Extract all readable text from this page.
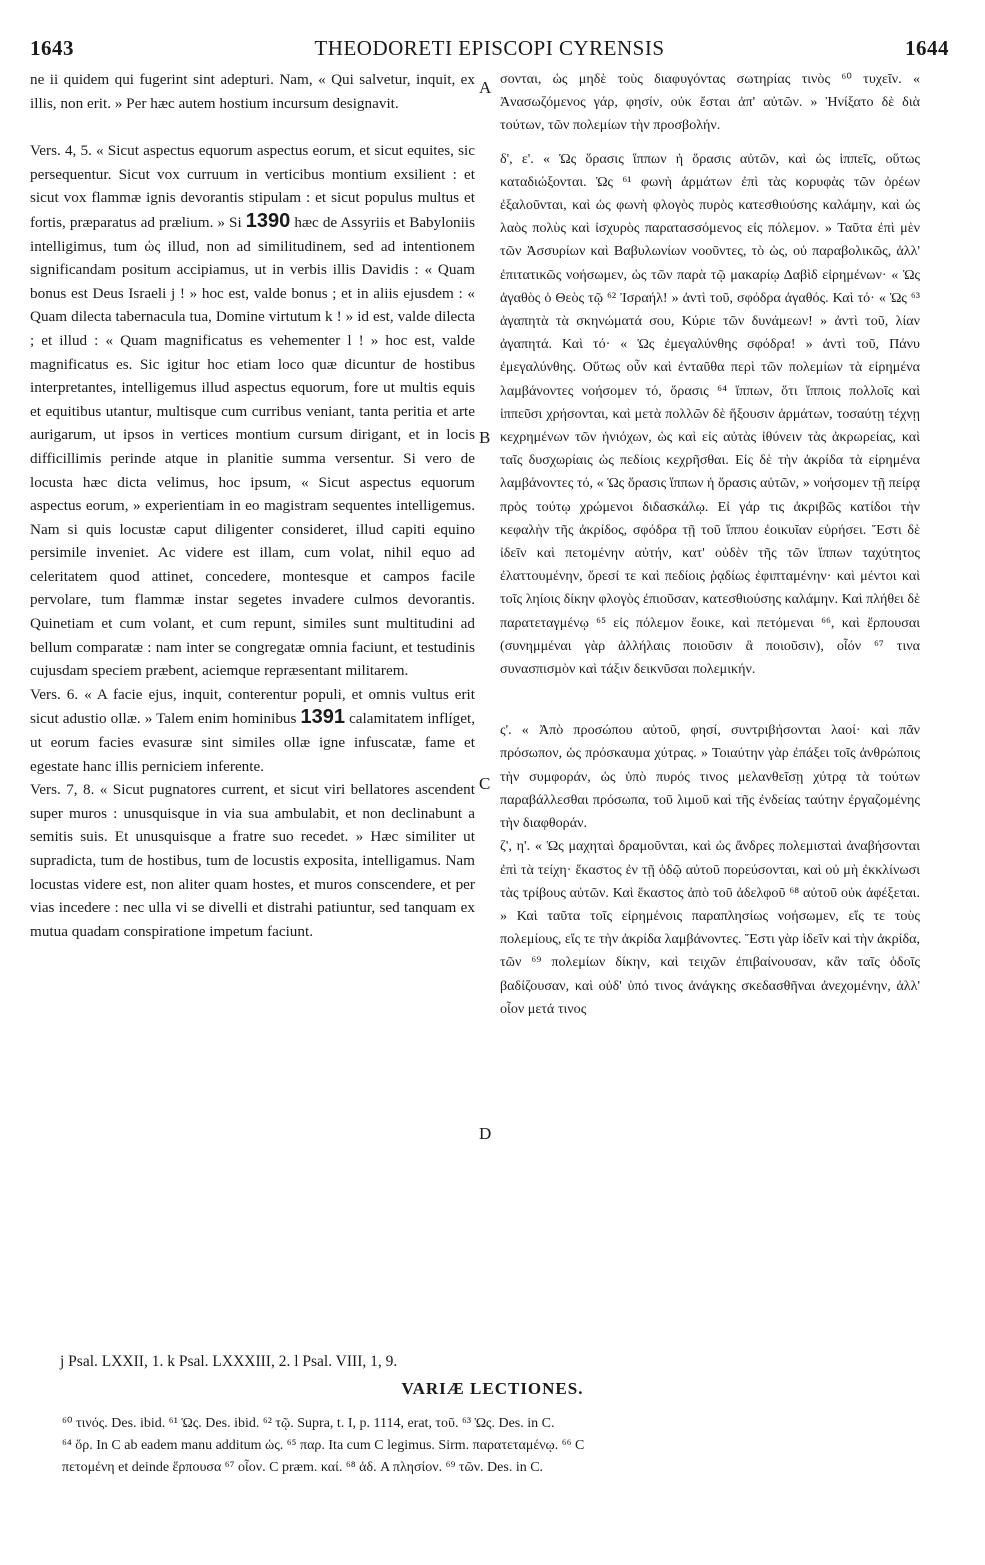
1643	THEODORETI EPISCOPI CYRENSIS	1644
A
B
C
D

ne ii quidem qui fugerint sint adepturi. Nam, « Qui salvetur, inquit, ex illis, non erit. » Per hæc autem hostium incursum designavit.

Vers. 4, 5. « Sicut aspectus equorum aspectus eorum, et sicut equites, sic persequentur. Sicut vox curruum in verticibus montium exsilient : et sicut vox flammæ ignis devorantis stipulam : et sicut populus multus et fortis, præparatus ad prælium. » Si 1390 hæc de Assyriis et Babyloniis intelligimus, tum ὡς illud, non ad similitudinem, sed ad intentionem significandam positum accipiamus, ut in verbis illis Davidis : « Quam bonus est Deus Israeli j ! » hoc est, valde bonus ; et in aliis ejusdem : « Quam dilecta tabernacula tua, Domine virtutum k ! » id est, valde dilecta ; et illud : « Quam magnificatus es vehementer l ! » hoc est, valde magnificatus es. Sic igitur hoc etiam loco quæ dicuntur de hostibus interpretantes, intelligemus illud aspectus equorum, fore ut multis equis et equitibus utantur, multisque cum curribus veniant, tanta peritia et arte aurigarum, ut ipsos in vertices montium cursum dirigant, et in locis difficillimis perinde atque in planitie summa versentur. Si vero de locusta hæc dicta velimus, hoc ipsum, « Sicut aspectus equorum aspectus eorum, » experientiam in eo magistram sequentes intelligemus. Nam si quis locustæ caput diligenter consideret, illud capiti equino persimile inveniet. Ac videre est illam, cum volat, nihil equo ad celeritatem quod attinet, concedere, montesque et campos facile pervolare, tum flammæ instar segetes invadere culmos devorantis. Quinetiam et cum volant, et cum repunt, similes sunt multitudini ad bellum comparatæ : nam inter se congregatæ omnia faciunt, et testudinis cujusdam speciem præbent, aciemque repræsentant militarem.

Vers. 6. « A facie ejus, inquit, conterentur populi, et omnis vultus erit sicut adustio ollæ. » Talem enim hominibus 1391 calamitatem inflíget, ut eorum facies evasuræ sint similes ollæ igne infuscatæ, fame et egestate hanc illis perniciem inferente.

Vers. 7, 8. « Sicut pugnatores current, et sicut viri bellatores ascendent super muros : unusquisque in via sua ambulabit, et non declinabunt a semitis suis. Et unusquisque a fratre suo recedet. » Hæc similiter ut supradicta, tum de hostibus, tum de locustis exposita, intelligamus. Nam locustas videre est, non aliter quam hostes, et muros conscendere, et per vias incedere : nec ulla vi se divelli et distrahi patiuntur, sed tanquam ex mutua quadam conspiratione impetum faciunt.

σονται, ὡς μηδὲ τοὺς διαφυγόντας σωτηρίας τινὸς ⁶⁰ τυχεῖν. « Ἀνασωζόμενος γάρ, φησίν, οὐκ ἔσται ἀπ' αὐτῶν. » Ἠνίξατο δὲ διὰ τούτων, τῶν πολεμίων τὴν προσβολήν.

δ', ε'. « Ὡς ὅρασις ἵππων ἡ ὅρασις αὐτῶν, καὶ ὡς ἱππεῖς, οὕτως καταδιώξονται. Ὡς ⁶¹ φωνὴ ἁρμάτων ἐπὶ τὰς κορυφὰς τῶν ὀρέων ἐξαλοῦνται, καὶ ὡς φωνὴ φλογὸς πυρὸς κατεσθιούσης καλάμην, καὶ ὡς λαὸς πολὺς καὶ ἰσχυρὸς παρατασσόμενος εἰς πόλεμον. » Ταῦτα ἐπὶ μὲν τῶν Ἀσσυρίων καὶ Βαβυλωνίων νοοῦντες, τὸ ὡς, οὐ παραβολικῶς, ἀλλ' ἐπιτατικῶς νοήσωμεν, ὡς τῶν παρὰ τῷ μακαρίῳ Δαβὶδ εἰρημένων· « Ὡς ἀγαθὸς ὁ Θεὸς τῷ ⁶² Ἰσραήλ! » ἀντὶ τοῦ, σφόδρα ἀγαθός. Καὶ τό· « Ὡς ⁶³ ἀγαπητὰ τὰ σκηνώματά σου, Κύριε τῶν δυνάμεων! » ἀντὶ τοῦ, λίαν ἀγαπητά. Καὶ τό· « Ὡς ἐμεγαλύνθης σφόδρα! » ἀντὶ τοῦ, Πάνυ ἐμεγαλύνθης. Οὕτως οὖν καὶ ἐνταῦθα περὶ τῶν πολεμίων τὰ εἰρημένα λαμβάνοντες νοήσομεν τό, ὅρασις ⁶⁴ ἵππων, ὅτι ἵπποις πολλοῖς καὶ ἱππεῦσι χρήσονται, καὶ μετὰ πολλῶν δὲ ἥξουσιν ἁρμάτων, τοσαύτῃ τέχνῃ κεχρημένων τῶν ἡνιόχων, ὡς καὶ εἰς αὐτὰς ἰθύνειν τὰς ἀκρωρείας, καὶ ταῖς δυσχωρίαις ὡς πεδίοις κεχρῆσθαι. Εἰς δὲ τὴν ἀκρίδα τὰ εἰρημένα λαμβάνοντες τό, « Ὡς ὅρασις ἵππων ἡ ὅρασις αὐτῶν, » νοήσομεν τῇ πείρᾳ πρὸς τούτῳ χρώμενοι διδασκάλῳ. Εἰ γάρ τις ἀκριβῶς κατίδοι τὴν κεφαλὴν τῆς ἀκρίδος, σφόδρα τῇ τοῦ ἵππου ἐοικυῖαν εὑρήσει. Ἔστι δὲ ἰδεῖν καὶ πετομένην αὐτήν, κατ' οὐδὲν τῆς τῶν ἵππων ταχύτητος ἐλαττουμένην, ὄρεσί τε καὶ πεδίοις ῥᾳδίως ἐφιπταμένην· καὶ μέντοι καὶ τοῖς ληίοις δίκην φλογὸς ἐπιοῦσαν, κατεσθιούσης καλάμην. Καὶ πλήθει δὲ παρατεταγμένῳ ⁶⁵ εἰς πόλεμον ἔοικε, καὶ πετόμεναι ⁶⁶, καὶ ἕρπουσαι (συνημμέναι γὰρ ἀλλήλαις ποιοῦσιν ἃ ποιοῦσιν), οἷόν ⁶⁷ τινα συνασπισμὸν καὶ τάξιν δεικνῦσαι πολεμικήν.

ς'. « Ἀπὸ προσώπου αὐτοῦ, φησί, συντριβήσονται λαοί· καὶ πᾶν πρόσωπον, ὡς πρόσκαυμα χύτρας. » Τοιαύτην γὰρ ἐπάξει τοῖς ἀνθρώποις τὴν συμφοράν, ὡς ὑπὸ πυρός τινος μελανθεῖσῃ χύτρᾳ τὰ τούτων παραβάλλεσθαι πρόσωπα, τοῦ λιμοῦ καὶ τῆς ἐνδείας ταύτην ἐργαζομένης τὴν διαφθοράν.

ζ', η'. « Ὡς μαχηταὶ δραμοῦνται, καὶ ὡς ἄνδρες πολεμισταὶ ἀναβήσονται ἐπὶ τὰ τείχη· ἕκαστος ἐν τῇ ὁδῷ αὐτοῦ πορεύσονται, καὶ οὐ μὴ ἐκκλίνωσι τὰς τρίβους αὐτῶν. Καὶ ἕκαστος ἀπὸ τοῦ ἀδελφοῦ ⁶⁸ αὐτοῦ οὐκ ἀφέξεται. » Καὶ ταῦτα τοῖς εἰρημένοις παραπλησίως νοήσωμεν, εἴς τε τοὺς πολεμίους, εἴς τε τὴν ἀκρίδα λαμβάνοντες. Ἔστι γὰρ ἰδεῖν καὶ τὴν ἀκρίδα, τῶν ⁶⁹ πολεμίων δίκην, καὶ τειχῶν ἐπιβαίνουσαν, κἂν ταῖς ὁδοῖς βαδίζουσαν, καὶ οὐδ' ὑπό τινος ἀνάγκης σκεδασθῆναι ἀνεχομένην, ἀλλ' οἷον μετά τινος

j Psal. LXXII, 1. k Psal. LXXXIII, 2. l Psal. VIII, 1, 9.
VARIÆ LECTIONES.

⁶⁰ τινός. Des. ibid. ⁶¹ Ὡς. Des. ibid. ⁶² τῷ. Supra, t. I, p. 1114, erat, τοῦ. ⁶³ Ὡς. Des. in C.

⁶⁴ ὅρ. In C ab eadem manu additum ὡς. ⁶⁵ παρ. Ita cum C legimus. Sirm. παρατεταμένῳ. ⁶⁶ C

πετομένη et deinde ἕρπουσα ⁶⁷ οἷον. C præm. καί. ⁶⁸ ἀδ. A πλησίον. ⁶⁹ τῶν. Des. in C.
